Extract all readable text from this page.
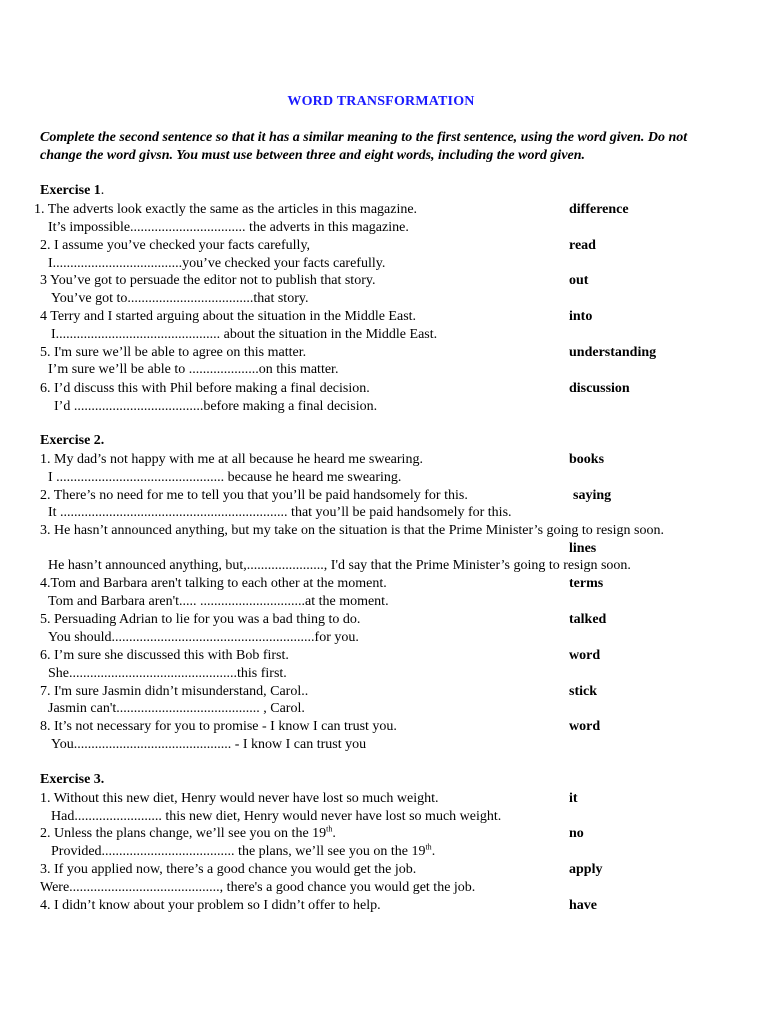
WORD TRANSFORMATION
Complete the second sentence so that it has a similar meaning to the first sentence, using the word given. Do not change the word givsn. You must use between three and eight words, including the word given.
Exercise 1.
1. The adverts look exactly the same as the articles in this magazine.	difference
It’s impossible................................. the adverts in this magazine.
2. I assume you’ve checked your facts carefully,	read
I.....................................you’ve checked your facts carefully.
3 You’ve got to persuade the editor not to publish that story.	out
You’ve got to....................................that story.
4 Terry and I started arguing about the situation in the Middle East.	into
I............................................... about the situation in the Middle East.
5. I'm sure we’ll be able to agree on this matter.	understanding
I’m sure we’ll be able to ....................on this matter.
6. I’d discuss this with Phil before making a final decision.	discussion
I’d .....................................before making a final decision.
Exercise 2.
1. My dad’s not happy with me at all because he heard me swearing.	books
I ................................................ because he heard me swearing.
2. There’s no need for me to tell you that you’ll be paid handsomely for this.	saying
It ................................................................. that you’ll be paid handsomely for this.
3. He hasn’t announced anything, but my take on the situation is that the Prime Minister’s going to resign soon.
lines
He hasn’t announced anything, but,......................, I'd say that the Prime Minister’s going to resign soon.
4.Tom and Barbara aren't talking to each other at the moment.	terms
Tom and Barbara aren't..... ..............................at the moment.
5. Persuading Adrian to lie for you was a bad thing to do.	talked
You should..........................................................for you.
6. I’m sure she discussed this with Bob first.	word
She................................................this first.
7. I'm sure Jasmin didn’t misunderstand, Carol..	stick
Jasmin can't......................................... , Carol.
8. It’s not necessary for you to promise - I know I can trust you.	word
You............................................. - I know I can trust you
Exercise 3.
1. Without this new diet, Henry would never have lost so much weight.	it
Had......................... this new diet, Henry would never have lost so much weight.
2. Unless the plans change, we’ll see you on the 19th.	no
Provided...................................... the plans, we’ll see you on the 19th.
3. If you applied now, there’s a good chance you would get the job.	apply
Were..........................................., there's a good chance you would get the job.
4. I didn’t know about your problem so I didn’t offer to help.	have
